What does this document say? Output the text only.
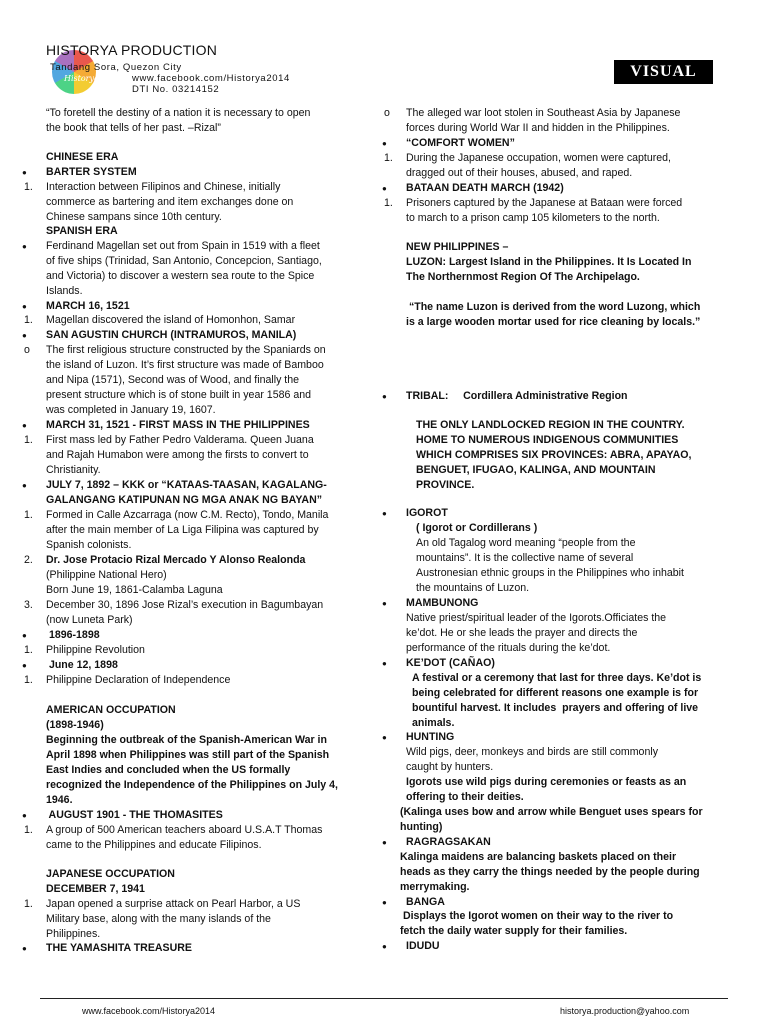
Historya
HISTORYA PRODUCTION
Tandang Sora, Quezon City
www.facebook.com/Historya2014
DTI No. 03214152
VISUAL
“To foretell the destiny of a nation it is necessary to open
the book that tells of her past. –Rizal”
CHINESE ERA
● BARTER SYSTEM
1. Interaction between Filipinos and Chinese, initially
commerce as bartering and item exchanges done on
Chinese sampans since 10th century.
SPANISH ERA
● Ferdinand Magellan set out from Spain in 1519 with a fleet
of five ships (Trinidad, San Antonio, Concepcion, Santiago,
and Victoria) to discover a western sea route to the Spice
Islands.
● MARCH 16, 1521
1. Magellan discovered the island of Homonhon, Samar
● SAN AGUSTIN CHURCH (INTRAMUROS, MANILA)
o The first religious structure constructed by the Spaniards on
the island of Luzon. It’s first structure was made of Bamboo
and Nipa (1571), Second was of Wood, and finally the
present structure which is of stone built in year 1586 and
was completed in January 19, 1607.
● MARCH 31, 1521 - FIRST MASS IN THE PHILIPPINES
1. First mass led by Father Pedro Valderama. Queen Juana
and Rajah Humabon were among the firsts to convert to
Christianity.
● JULY 7, 1892 – KKK or “KATAAS-TAASAN, KAGALANG-
GALANGANG KATIPUNAN NG MGA ANAK NG BAYAN”
1. Formed in Calle Azcarraga (now C.M. Recto), Tondo, Manila
after the main member of La Liga Filipina was captured by
Spanish colonists.
2. Dr. Jose Protacio Rizal Mercado Y Alonso Realonda
(Philippine National Hero)
Born June 19, 1861-Calamba Laguna
3. December 30, 1896 Jose Rizal’s execution in Bagumbayan
(now Luneta Park)
● 1896-1898
1. Philippine Revolution
● June 12, 1898
1. Philippine Declaration of Independence
AMERICAN OCCUPATION
(1898-1946)
Beginning the outbreak of the Spanish-American War in
April 1898 when Philippines was still part of the Spanish
East Indies and concluded when the US formally
recognized the Independence of the Philippines on July 4,
1946.
● AUGUST 1901 - THE THOMASITES
1. A group of 500 American teachers aboard U.S.A.T Thomas
came to the Philippines and educate Filipinos.
JAPANESE OCCUPATION
DECEMBER 7, 1941
1. Japan opened a surprise attack on Pearl Harbor, a US
Military base, along with the many islands of the
Philippines.
● THE YAMASHITA TREASURE
o The alleged war loot stolen in Southeast Asia by Japanese
forces during World War II and hidden in the Philippines.
● “COMFORT WOMEN”
1. During the Japanese occupation, women were captured,
dragged out of their houses, abused, and raped.
● BATAAN DEATH MARCH (1942)
1. Prisoners captured by the Japanese at Bataan were forced
to march to a prison camp 105 kilometers to the north.
NEW PHILIPPINES –
LUZON: Largest Island in the Philippines. It Is Located In
The Northernmost Region Of The Archipelago.
“The name Luzon is derived from the word Luzong, which
is a large wooden mortar used for rice cleaning by locals.”
● TRIBAL:     Cordillera Administrative Region
THE ONLY LANDLOCKED REGION IN THE COUNTRY.
HOME TO NUMEROUS INDIGENOUS COMMUNITIES
WHICH COMPRISES SIX PROVINCES: ABRA, APAYAO,
BENGUET, IFUGAO, KALINGA, AND MOUNTAIN
PROVINCE.
● IGOROT
( Igorot or Cordillerans )
An old Tagalog word meaning “people from the
mountains”. It is the collective name of several
Austronesian ethnic groups in the Philippines who inhabit
the mountains of Luzon.
● MAMBUNONG
Native priest/spiritual leader of the Igorots.Officiates the
ke’dot. He or she leads the prayer and directs the
performance of the rituals during the ke’dot.
● KE’DOT (CAÑAO)
A festival or a ceremony that last for three days. Ke’dot is
being celebrated for different reasons one example is for
bountiful harvest. It includes  prayers and offering of live
animals.
● HUNTING
Wild pigs, deer, monkeys and birds are still commonly
caught by hunters.
Igorots use wild pigs during ceremonies or feasts as an
offering to their deities.
(Kalinga uses bow and arrow while Benguet uses spears for
hunting)
● RAGRAGSAKAN
Kalinga maidens are balancing baskets placed on their
heads as they carry the things needed by the people during
merrymaking.
● BANGA
Displays the Igorot women on their way to the river to
fetch the daily water supply for their families.
● IDUDU
www.facebook.com/Historya2014	historya.production@yahoo.com
